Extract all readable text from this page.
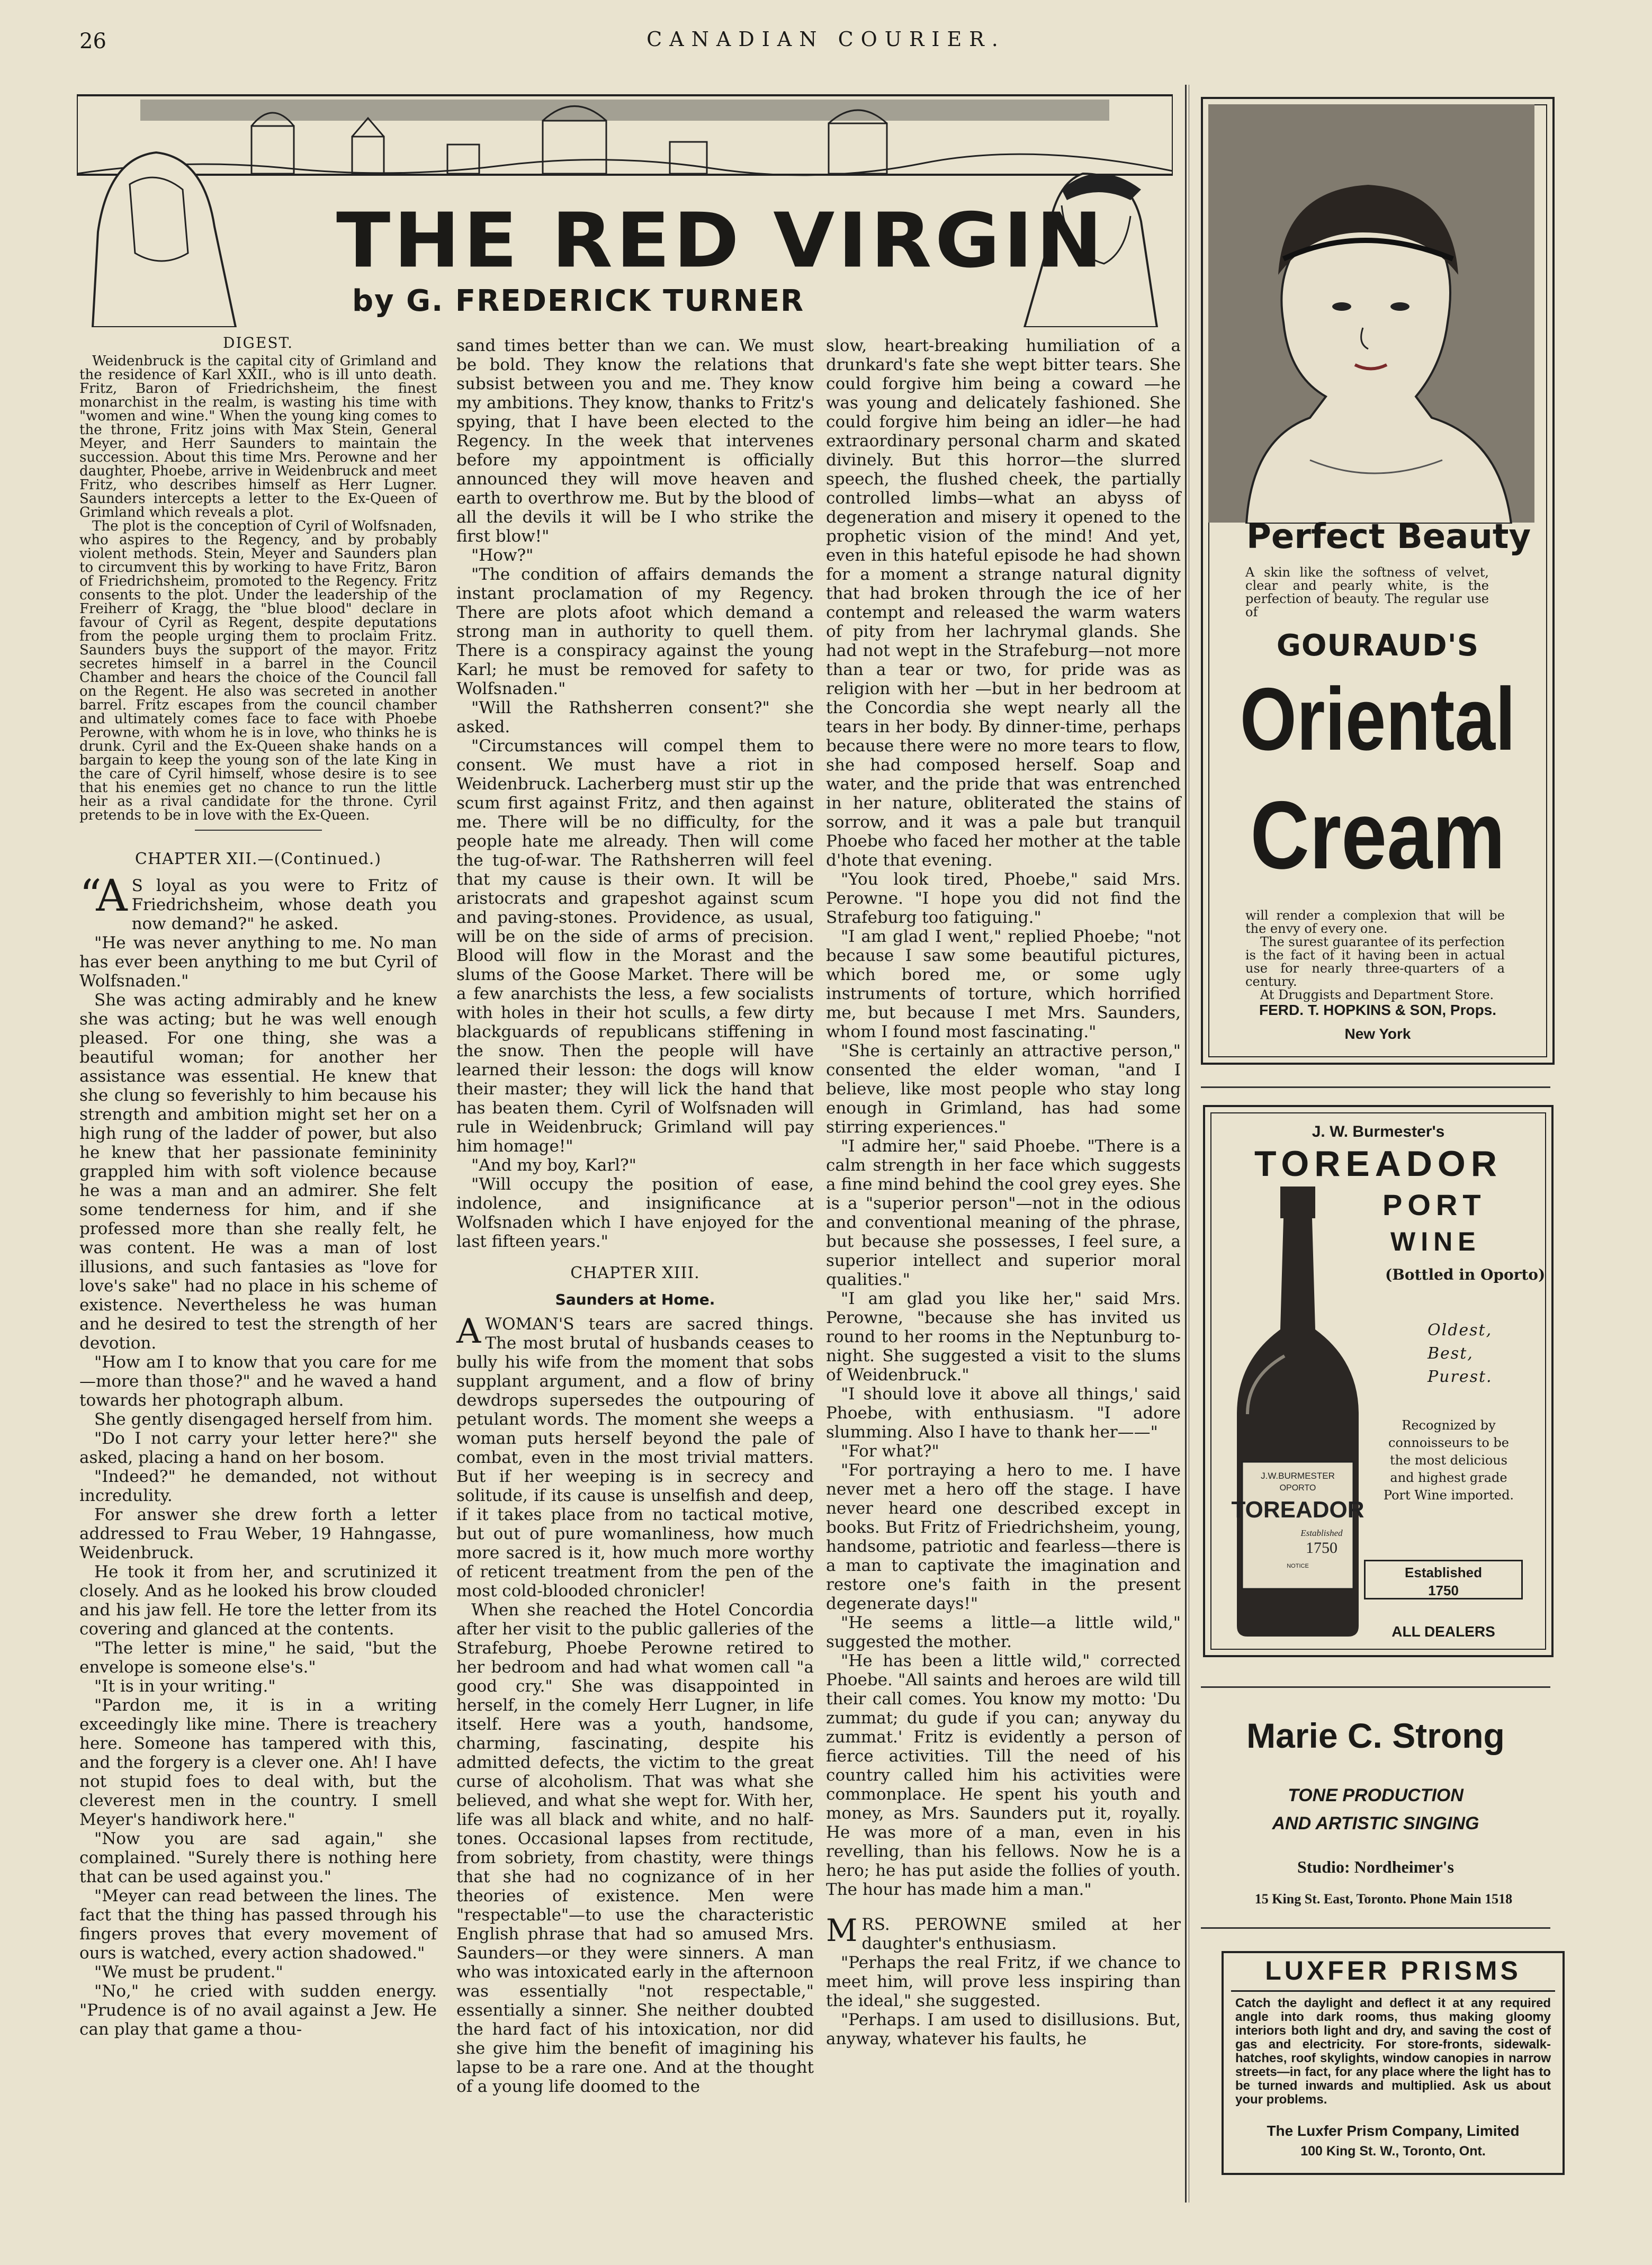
26	CANADIAN COURIER.
THE RED VIRGIN
by G. FREDERICK TURNER

DIGEST.

Weidenbruck is the capital city of Grimland and the residence of Karl XXII., who is ill unto death. Fritz, Baron of Friedrichsheim, the finest monarchist in the realm, is wasting his time with "women and wine." When the young king comes to the throne, Fritz joins with Max Stein, General Meyer, and Herr Saunders to maintain the succession. About this time Mrs. Perowne and her daughter, Phoebe, arrive in Weidenbruck and meet Fritz, who describes himself as Herr Lugner. Saunders intercepts a letter to the Ex-Queen of Grimland which reveals a plot.

The plot is the conception of Cyril of Wolfsnaden, who aspires to the Regency, and by probably violent methods. Stein, Meyer and Saunders plan to circumvent this by working to have Fritz, Baron of Friedrichsheim, promoted to the Regency. Fritz consents to the plot. Under the leadership of the Freiherr of Kragg, the "blue blood" declare in favour of Cyril as Regent, despite deputations from the people urging them to proclaim Fritz. Saunders buys the support of the mayor. Fritz secretes himself in a barrel in the Council Chamber and hears the choice of the Council fall on the Regent. He also was secreted in another barrel. Fritz escapes from the council chamber and ultimately comes face to face with Phoebe Perowne, with whom he is in love, who thinks he is drunk. Cyril and the Ex-Queen shake hands on a bargain to keep the young son of the late King in the care of Cyril himself, whose desire is to see that his enemies get no chance to run the little heir as a rival candidate for the throne. Cyril pretends to be in love with the Ex-Queen.

CHAPTER XII.—(Continued.)

“A S loyal as you were to Fritz of Friedrichsheim, whose death you now demand?" he asked.

"He was never anything to me. No man has ever been anything to me but Cyril of Wolfsnaden."

She was acting admirably and he knew she was acting; but he was well enough pleased. For one thing, she was a beautiful woman; for another her assistance was essential. He knew that she clung so feverishly to him because his strength and ambition might set her on a high rung of the ladder of power, but also he knew that her passionate femininity grappled him with soft violence because he was a man and an admirer. She felt some tenderness for him, and if she professed more than she really felt, he was content. He was a man of lost illusions, and such fantasies as "love for love's sake" had no place in his scheme of existence. Nevertheless he was human and he desired to test the strength of her devotion.

"How am I to know that you care for me—more than those?" and he waved a hand towards her photograph album.

She gently disengaged herself from him.

"Do I not carry your letter here?" she asked, placing a hand on her bosom.

"Indeed?" he demanded, not without incredulity.

For answer she drew forth a letter addressed to Frau Weber, 19 Hahngasse, Weidenbruck.

He took it from her, and scrutinized it closely. And as he looked his brow clouded and his jaw fell. He tore the letter from its covering and glanced at the contents.

"The letter is mine," he said, "but the envelope is someone else's."

"It is in your writing."

"Pardon me, it is in a writing exceedingly like mine. There is treachery here. Someone has tampered with this, and the forgery is a clever one. Ah! I have not stupid foes to deal with, but the cleverest men in the country. I smell Meyer's handiwork here."

"Now you are sad again," she complained. "Surely there is nothing here that can be used against you."

"Meyer can read between the lines. The fact that the thing has passed through his fingers proves that every movement of ours is watched, every action shadowed."

"We must be prudent."

"No," he cried with sudden energy. "Prudence is of no avail against a Jew. He can play that game a thou-

sand times better than we can. We must be bold. They know the relations that subsist between you and me. They know my ambitions. They know, thanks to Fritz's spying, that I have been elected to the Regency. In the week that intervenes before my appointment is officially announced they will move heaven and earth to overthrow me. But by the blood of all the devils it will be I who strike the first blow!"

"How?"

"The condition of affairs demands the instant proclamation of my Regency. There are plots afoot which demand a strong man in authority to quell them. There is a conspiracy against the young Karl; he must be removed for safety to Wolfsnaden."

"Will the Rathsherren consent?" she asked.

"Circumstances will compel them to consent. We must have a riot in Weidenbruck. Lacherberg must stir up the scum first against Fritz, and then against me. There will be no difficulty, for the people hate me already. Then will come the tug-of-war. The Rathsherren will feel that my cause is their own. It will be aristocrats and grapeshot against scum and paving-stones. Providence, as usual, will be on the side of arms of precision. Blood will flow in the Morast and the slums of the Goose Market. There will be a few anarchists the less, a few socialists with holes in their hot sculls, a few dirty blackguards of republicans stiffening in the snow. Then the people will have learned their lesson: the dogs will know their master; they will lick the hand that has beaten them. Cyril of Wolfsnaden will rule in Weidenbruck; Grimland will pay him homage!"

"And my boy, Karl?"

"Will occupy the position of ease, indolence, and insignificance at Wolfsnaden which I have enjoyed for the last fifteen years."

CHAPTER XIII.

Saunders at Home.

AWOMAN'S tears are sacred things. The most brutal of husbands ceases to bully his wife from the moment that sobs supplant argument, and a flow of briny dewdrops supersedes the outpouring of petulant words. The moment she weeps a woman puts herself beyond the pale of combat, even in the most trivial matters. But if her weeping is in secrecy and solitude, if its cause is unselfish and deep, if it takes place from no tactical motive, but out of pure womanliness, how much more sacred is it, how much more worthy of reticent treatment from the pen of the most cold-blooded chronicler!

When she reached the Hotel Concordia after her visit to the public galleries of the Strafeburg, Phoebe Perowne retired to her bedroom and had what women call "a good cry." She was disappointed in herself, in the comely Herr Lugner, in life itself. Here was a youth, handsome, charming, fascinating, despite his admitted defects, the victim to the great curse of alcoholism. That was what she believed, and what she wept for. With her, life was all black and white, and no half-tones. Occasional lapses from rectitude, from sobriety, from chastity, were things that she had no cognizance of in her theories of existence. Men were "respectable"—to use the characteristic English phrase that had so amused Mrs. Saunders—or they were sinners. A man who was intoxicated early in the afternoon was essentially "not respectable," essentially a sinner. She neither doubted the hard fact of his intoxication, nor did she give him the benefit of imagining his lapse to be a rare one. And at the thought of a young life doomed to the

slow, heart-breaking humiliation of a drunkard's fate she wept bitter tears. She could forgive him being a coward —he was young and delicately fashioned. She could forgive him being an idler—he had extraordinary personal charm and skated divinely. But this horror—the slurred speech, the flushed cheek, the partially controlled limbs—what an abyss of degeneration and misery it opened to the prophetic vision of the mind! And yet, even in this hateful episode he had shown for a moment a strange natural dignity that had broken through the ice of her contempt and released the warm waters of pity from her lachrymal glands. She had not wept in the Strafeburg—not more than a tear or two, for pride was as religion with her —but in her bedroom at the Concordia she wept nearly all the tears in her body. By dinner-time, perhaps because there were no more tears to flow, she had composed herself. Soap and water, and the pride that was entrenched in her nature, obliterated the stains of sorrow, and it was a pale but tranquil Phoebe who faced her mother at the table d'hote that evening.

"You look tired, Phoebe," said Mrs. Perowne. "I hope you did not find the Strafeburg too fatiguing."

"I am glad I went," replied Phoebe; "not because I saw some beautiful pictures, which bored me, or some ugly instruments of torture, which horrified me, but because I met Mrs. Saunders, whom I found most fascinating."

"She is certainly an attractive person," consented the elder woman, "and I believe, like most people who stay long enough in Grimland, has had some stirring experiences."

"I admire her," said Phoebe. "There is a calm strength in her face which suggests a fine mind behind the cool grey eyes. She is a "superior person"—not in the odious and conventional meaning of the phrase, but because she possesses, I feel sure, a superior intellect and superior moral qualities."

"I am glad you like her," said Mrs. Perowne, "because she has invited us round to her rooms in the Neptunburg to-night. She suggested a visit to the slums of Weidenbruck."

"I should love it above all things,' said Phoebe, with enthusiasm. "I adore slumming. Also I have to thank her——"

"For what?"

"For portraying a hero to me. I have never met a hero off the stage. I have never heard one described except in books. But Fritz of Friedrichsheim, young, handsome, patriotic and fearless—there is a man to captivate the imagination and restore one's faith in the present degenerate days!"

"He seems a little—a little wild," suggested the mother.

"He has been a little wild," corrected Phoebe. "All saints and heroes are wild till their call comes. You know my motto: 'Du zummat; du gude if you can; anyway du zummat.' Fritz is evidently a person of fierce activities. Till the need of his country called him his activities were commonplace. He spent his youth and money, as Mrs. Saunders put it, royally. He was more of a man, even in his revelling, than his fellows. Now he is a hero; he has put aside the follies of youth. The hour has made him a man."

MRS. PEROWNE smiled at her daughter's enthusiasm.

"Perhaps the real Fritz, if we chance to meet him, will prove less inspiring than the ideal," she suggested.

"Perhaps. I am used to disillusions. But, anyway, whatever his faults, he

Perfect Beauty
A skin like the softness of velvet, clear and pearly white, is the perfection of beauty. The regular use of
GOURAUD'S
Oriental
Cream

will render a complexion that will be the envy of every one.

The surest guarantee of its perfection is the fact of it having been in actual use for nearly three-quarters of a century.

At Druggists and Department Store.

FERD. T. HOPKINS & SON, Props.
New York
J. W. Burmester's
TOREADOR
PORT
WINE
(Bottled in Oporto)
J.W.BURMESTER
OPORTO
TOREADOR
Established
1750
NOTICE
Oldest,
Best,
Purest.
Recognized by connoisseurs to be the most delicious and highest grade Port Wine imported.
Established
1750
ALL DEALERS
Marie C. Strong
TONE PRODUCTION
AND ARTISTIC SINGING
Studio: Nordheimer's
15 King St. East, Toronto. Phone Main 1518
LUXFER PRISMS
Catch the daylight and deflect it at any required angle into dark rooms, thus making gloomy interiors both light and dry, and saving the cost of gas and electricity. For store-fronts, sidewalk-hatches, roof skylights, window canopies in narrow streets—in fact, for any place where the light has to be turned inwards and multiplied. Ask us about your problems.
The Luxfer Prism Company, Limited
100 King St. W., Toronto, Ont.
